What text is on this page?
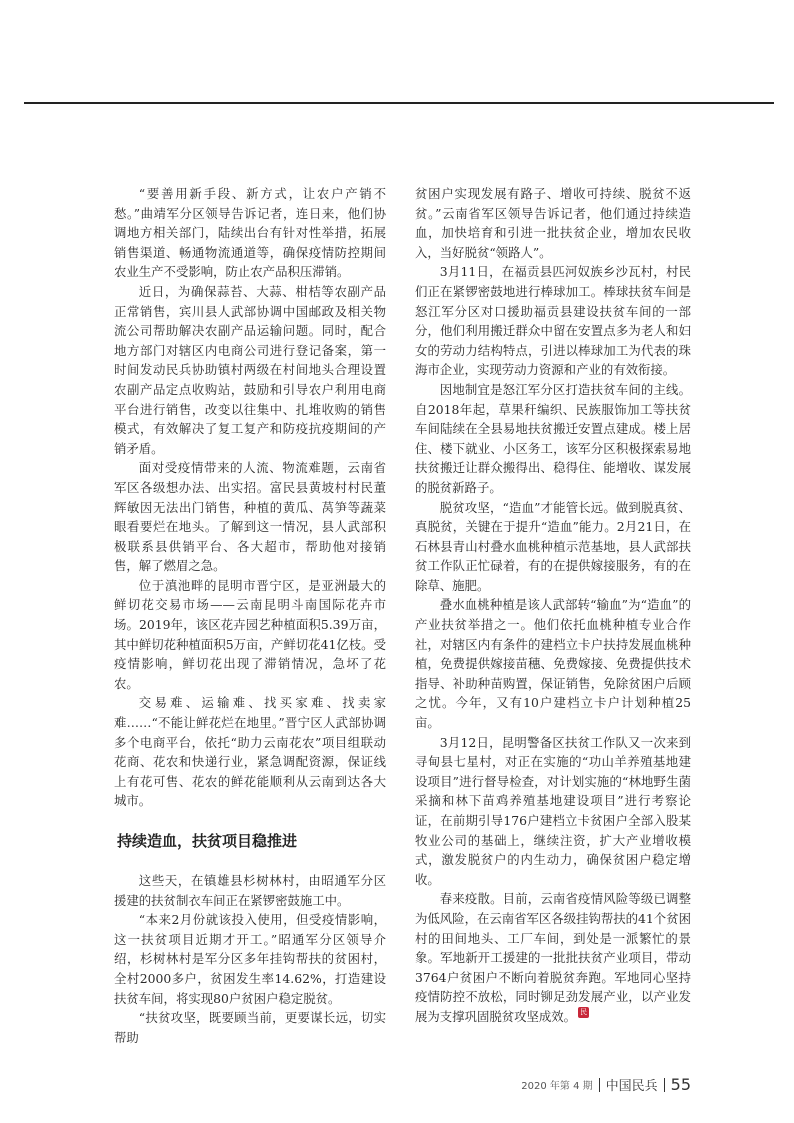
“要善用新手段、新方式，让农户产销不愁。”曲靖军分区领导告诉记者，连日来，他们协调地方相关部门，陆续出台有针对性举措，拓展销售渠道、畅通物流通道等，确保疫情防控期间农业生产不受影响，防止农产品积压滞销。

近日，为确保蒜苔、大蒜、柑桔等农副产品正常销售，宾川县人武部协调中国邮政及相关物流公司帮助解决农副产品运输问题。同时，配合地方部门对辖区内电商公司进行登记备案，第一时间发动民兵协助镇村两级在村间地头合理设置农副产品定点收购站，鼓励和引导农户利用电商平台进行销售，改变以往集中、扎堆收购的销售模式，有效解决了复工复产和防疫抗疫期间的产销矛盾。

面对受疫情带来的人流、物流难题，云南省军区各级想办法、出实招。富民县黄坡村村民董辉敏因无法出门销售，种植的黄瓜、莴笋等蔬菜眼看要烂在地头。了解到这一情况，县人武部积极联系县供销平台、各大超市，帮助他对接销售，解了燃眉之急。

位于滇池畔的昆明市晋宁区，是亚洲最大的鲜切花交易市场——云南昆明斗南国际花卉市场。2019年，该区花卉园艺种植面积5.39万亩，其中鲜切花种植面积5万亩，产鲜切花41亿枝。受疫情影响，鲜切花出现了滞销情况，急坏了花农。

交易难、运输难、找买家难、找卖家难……“不能让鲜花烂在地里。”晋宁区人武部协调多个电商平台，依托“助力云南花农”项目组联动花商、花农和快递行业，紧急调配资源，保证线上有花可售、花农的鲜花能顺利从云南到达各大城市。

持续造血，扶贫项目稳推进

这些天，在镇雄县杉树林村，由昭通军分区援建的扶贫制衣车间正在紧锣密鼓施工中。

“本来2月份就该投入使用，但受疫情影响，这一扶贫项目近期才开工。”昭通军分区领导介绍，杉树林村是军分区多年挂钩帮扶的贫困村，全村2000多户，贫困发生率14.62%，打造建设扶贫车间，将实现80户贫困户稳定脱贫。

“扶贫攻坚，既要顾当前，更要谋长远，切实帮助

贫困户实现发展有路子、增收可持续、脱贫不返贫。”云南省军区领导告诉记者，他们通过持续造血，加快培育和引进一批扶贫企业，增加农民收入，当好脱贫“领路人”。

3月11日，在福贡县匹河奴族乡沙瓦村，村民们正在紧锣密鼓地进行棒球加工。棒球扶贫车间是怒江军分区对口援助福贡县建设扶贫车间的一部分，他们利用搬迁群众中留在安置点多为老人和妇女的劳动力结构特点，引进以棒球加工为代表的珠海市企业，实现劳动力资源和产业的有效衔接。

因地制宜是怒江军分区打造扶贫车间的主线。自2018年起，草果秆编织、民族服饰加工等扶贫车间陆续在全县易地扶贫搬迁安置点建成。楼上居住、楼下就业、小区务工，该军分区积极探索易地扶贫搬迁让群众搬得出、稳得住、能增收、谋发展的脱贫新路子。

脱贫攻坚，“造血”才能管长远。做到脱真贫、真脱贫，关键在于提升“造血”能力。2月21日，在石林县青山村叠水血桃种植示范基地，县人武部扶贫工作队正忙碌着，有的在提供嫁接服务，有的在除草、施肥。

叠水血桃种植是该人武部转“输血”为“造血”的产业扶贫举措之一。他们依托血桃种植专业合作社，对辖区内有条件的建档立卡户扶持发展血桃种植，免费提供嫁接苗穗、免费嫁接、免费提供技术指导、补助种苗购置，保证销售，免除贫困户后顾之忧。今年，又有10户建档立卡户计划种植25亩。

3月12日，昆明警备区扶贫工作队又一次来到寻甸县七星村，对正在实施的“功山羊养殖基地建设项目”进行督导检查，对计划实施的“林地野生菌采摘和林下苗鸡养殖基地建设项目”进行考察论证，在前期引导176户建档立卡贫困户全部入股某牧业公司的基础上，继续注资，扩大产业增收模式，激发脱贫户的内生动力，确保贫困户稳定增收。

春来疫散。目前，云南省疫情风险等级已调整为低风险，在云南省军区各级挂钩帮扶的41个贫困村的田间地头、工厂车间，到处是一派繁忙的景象。军地新开工援建的一批批扶贫产业项目，带动3764户贫困户不断向着脱贫奔跑。军地同心坚持疫情防控不放松，同时铆足劲发展产业，以产业发展为支撑巩固脱贫攻坚成效。 民

2020 年第 4 期 中国民兵 55
